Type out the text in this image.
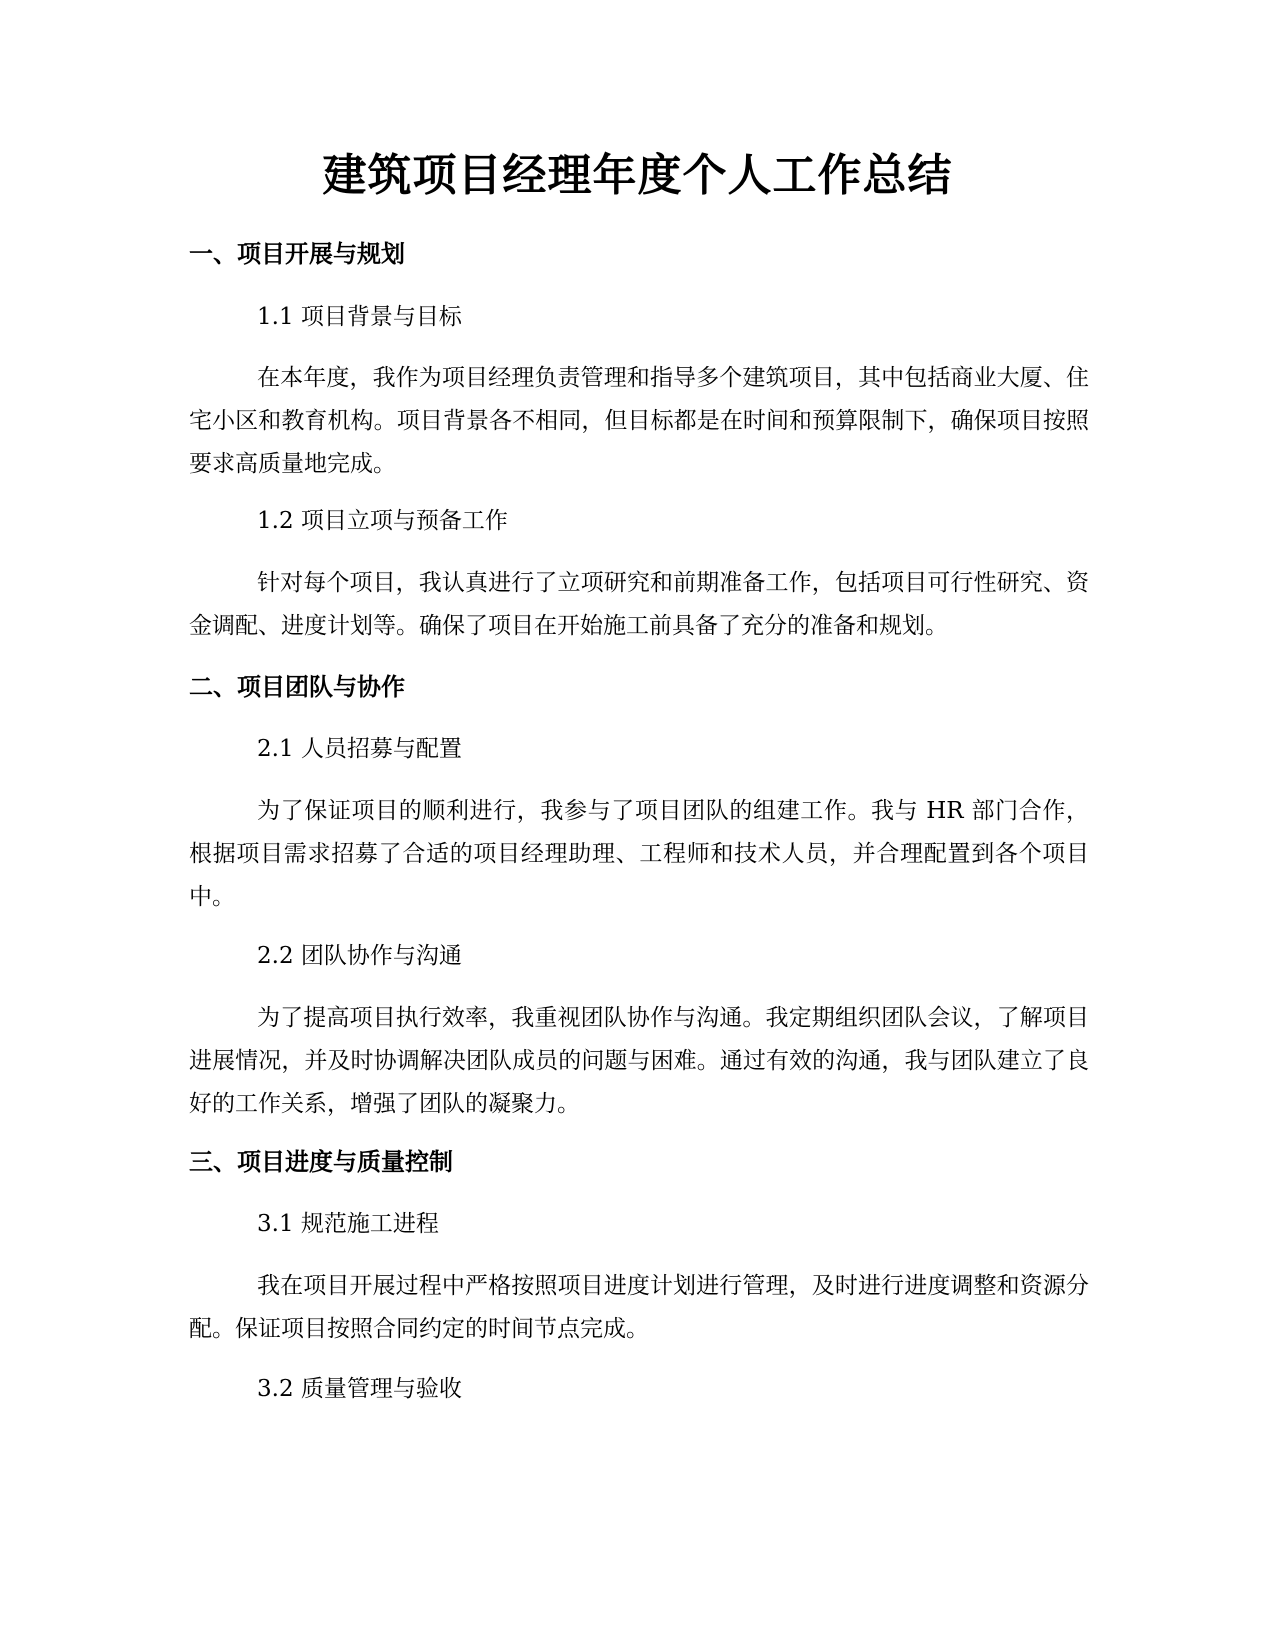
建筑项目经理年度个人工作总结
一、项目开展与规划
1.1 项目背景与目标
在本年度，我作为项目经理负责管理和指导多个建筑项目，其中包括商业大厦、住宅小区和教育机构。项目背景各不相同，但目标都是在时间和预算限制下，确保项目按照要求高质量地完成。
1.2 项目立项与预备工作
针对每个项目，我认真进行了立项研究和前期准备工作，包括项目可行性研究、资金调配、进度计划等。确保了项目在开始施工前具备了充分的准备和规划。
二、项目团队与协作
2.1 人员招募与配置
为了保证项目的顺利进行，我参与了项目团队的组建工作。我与 HR 部门合作，根据项目需求招募了合适的项目经理助理、工程师和技术人员，并合理配置到各个项目中。
2.2 团队协作与沟通
为了提高项目执行效率，我重视团队协作与沟通。我定期组织团队会议，了解项目进展情况，并及时协调解决团队成员的问题与困难。通过有效的沟通，我与团队建立了良好的工作关系，增强了团队的凝聚力。
三、项目进度与质量控制
3.1 规范施工进程
我在项目开展过程中严格按照项目进度计划进行管理，及时进行进度调整和资源分配。保证项目按照合同约定的时间节点完成。
3.2 质量管理与验收
